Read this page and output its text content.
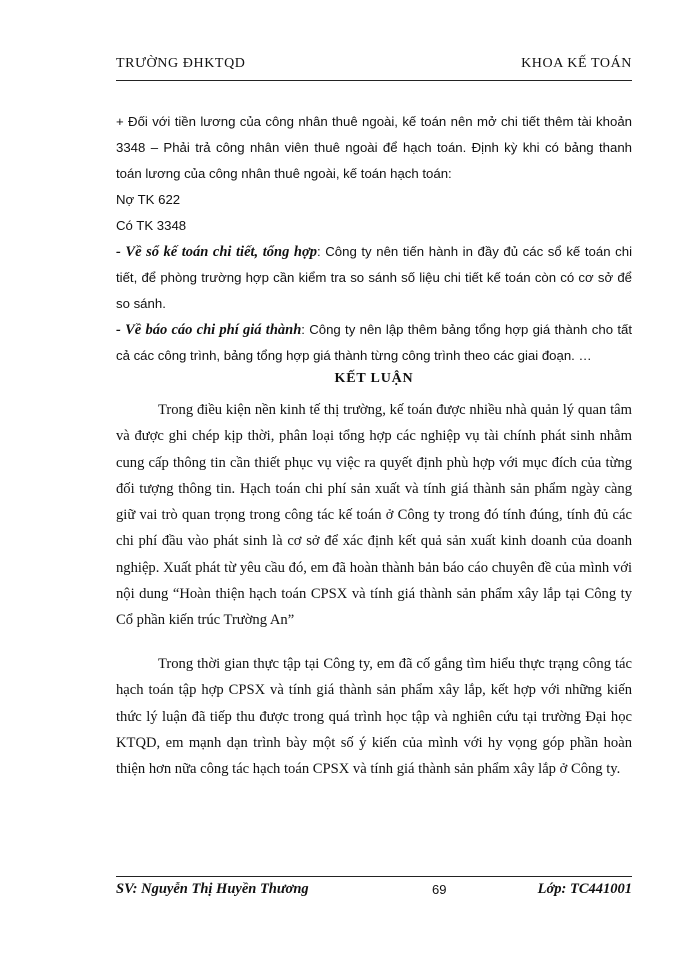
TRƯỜNG ĐHKTQD	KHOA KẾ TOÁN
+ Đối với tiền lương của công nhân thuê ngoài, kế toán nên mở chi tiết thêm tài khoản 3348 – Phải trả công nhân viên thuê ngoài để hạch toán. Định kỳ khi có bảng thanh toán lương của công nhân thuê ngoài, kế toán hạch toán:
Nợ TK 622
Có TK 3348
- Về sổ kế toán chi tiết, tổng hợp: Công ty nên tiến hành in đầy đủ các sổ kế toán chi tiết, để phòng trường hợp cần kiểm tra so sánh số liệu chi tiết kế toán còn có cơ sở để so sánh.
- Về báo cáo chi phí giá thành: Công ty nên lập thêm bảng tổng hợp giá thành cho tất cả các công trình, bảng tổng hợp giá thành từng công trình theo các giai đoạn. …
KẾT LUẬN
Trong điều kiện nền kinh tế thị trường, kế toán được nhiều nhà quản lý quan tâm và được ghi chép kịp thời, phân loại tổng hợp các nghiệp vụ tài chính phát sinh nhằm cung cấp thông tin cần thiết phục vụ việc ra quyết định phù hợp với mục đích của từng đối tượng thông tin. Hạch toán chi phí sản xuất và tính giá thành sản phẩm ngày càng giữ vai trò quan trọng trong công tác kế toán ở Công ty trong đó tính đúng, tính đủ các chi phí đầu vào phát sinh là cơ sở để xác định kết quả sản xuất kinh doanh của doanh nghiệp. Xuất phát từ yêu cầu đó, em đã hoàn thành bản báo cáo chuyên đề của mình với nội dung “Hoàn thiện hạch toán CPSX và tính giá thành sản phẩm xây lắp tại Công ty Cổ phần kiến trúc Trường An”
Trong thời gian thực tập tại Công ty, em đã cố gắng tìm hiểu thực trạng công tác hạch toán tập hợp CPSX và tính giá thành sản phẩm xây lắp, kết hợp với những kiến thức lý luận đã tiếp thu được trong quá trình học tập và nghiên cứu tại trường Đại học KTQD, em mạnh dạn trình bày một số ý kiến của mình với hy vọng góp phần hoàn thiện hơn nữa công tác hạch toán CPSX và tính giá thành sản phẩm xây lắp ở Công ty.
SV: Nguyễn Thị Huyền Thương	69	Lớp: TC441001
